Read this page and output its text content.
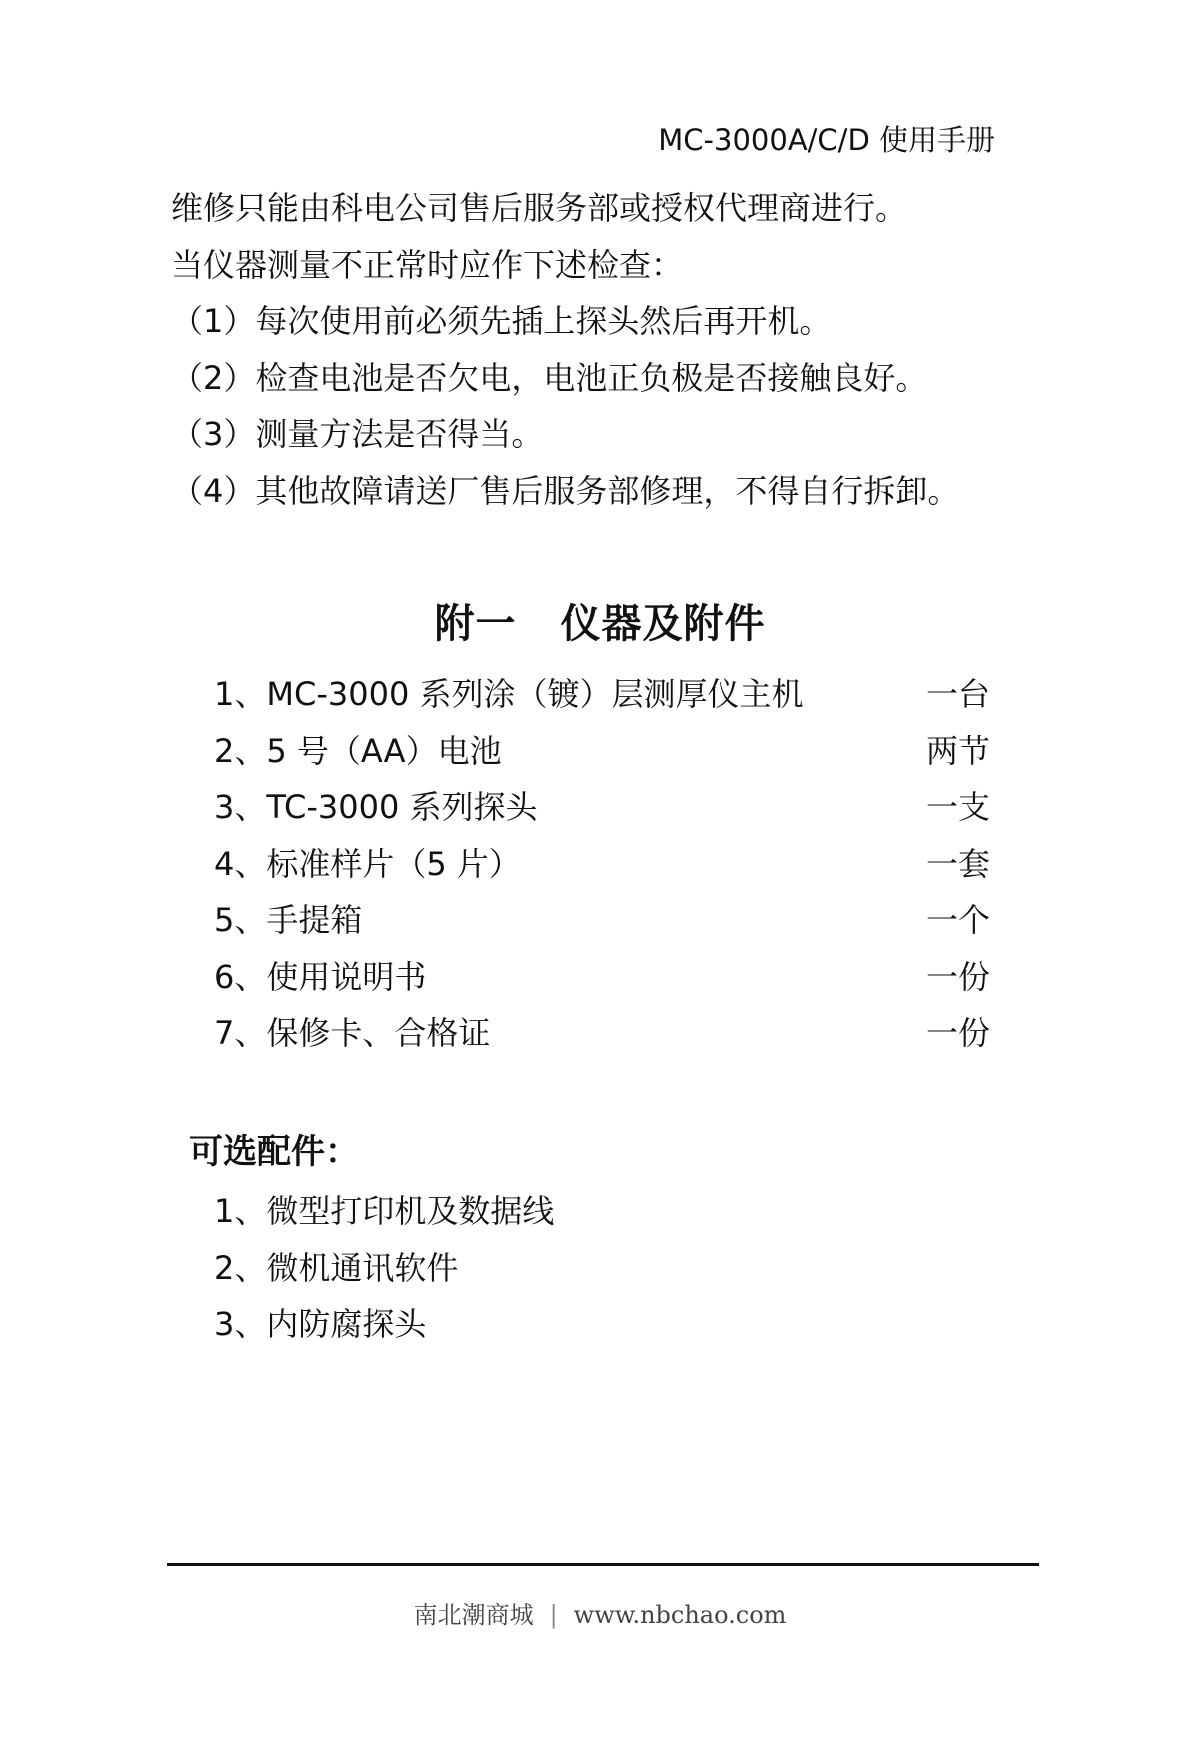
MC-3000A/C/D 使用手册
维修只能由科电公司售后服务部或授权代理商进行。
当仪器测量不正常时应作下述检查：
（1）每次使用前必须先插上探头然后再开机。
（2）检查电池是否欠电，电池正负极是否接触良好。
（3）测量方法是否得当。
（4）其他故障请送厂售后服务部修理，不得自行拆卸。
附一 仪器及附件
1、MC-3000 系列涂（镀）层测厚仪主机	一台
2、5 号（AA）电池	两节
3、TC-3000 系列探头	一支
4、标准样片（5 片）	一套
5、手提箱	一个
6、使用说明书	一份
7、保修卡、合格证	一份
可选配件：
1、微型打印机及数据线
2、微机通讯软件
3、内防腐探头
南北潮商城 | www.nbchao.com
